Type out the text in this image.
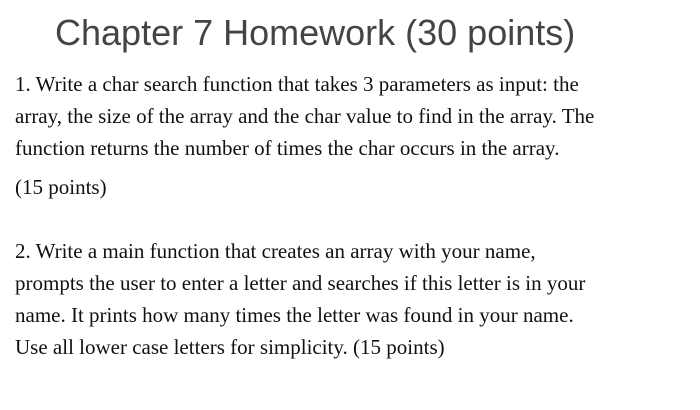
Chapter 7 Homework (30 points)

1. Write a char search function that takes 3 parameters as input: the
array, the size of the array and the char value to find in the array. The
function returns the number of times the char occurs in the array.

(15 points)

2. Write a main function that creates an array with your name,
prompts the user to enter a letter and searches if this letter is in your
name. It prints how many times the letter was found in your name.
Use all lower case letters for simplicity. (15 points)
